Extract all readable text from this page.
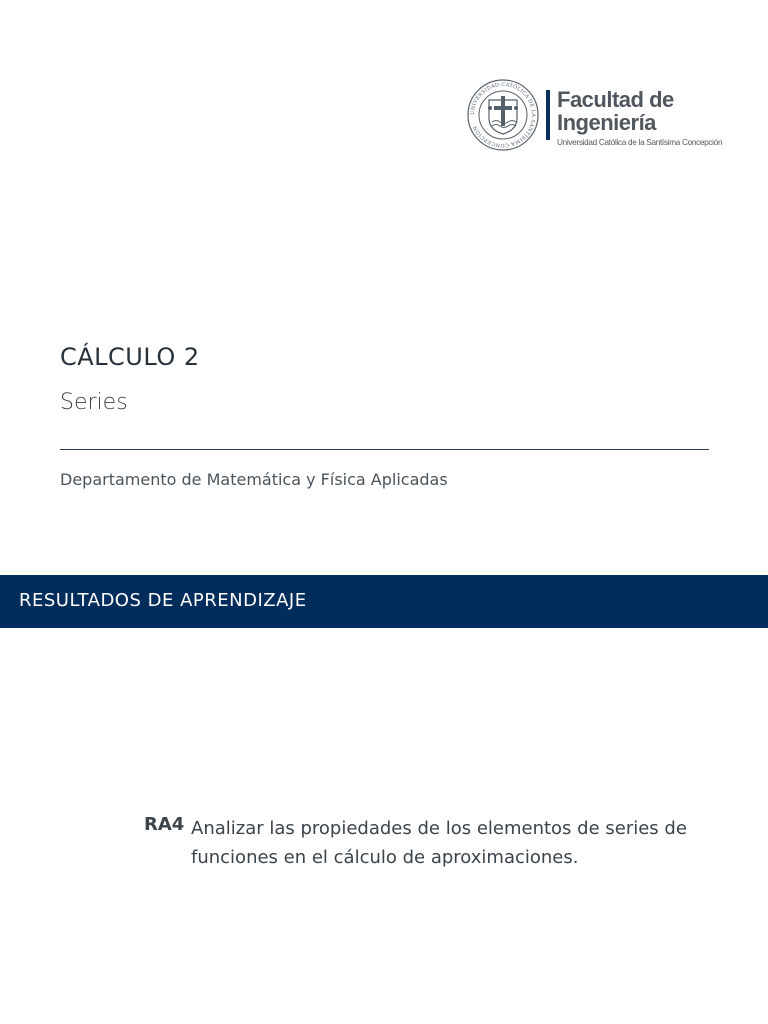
UNIVERSIDAD CATÓLICA DE LA SANTÍSIMA CONCEPCIÓN
Facultad de
Ingeniería
Universidad Católica de la Santísima Concepción
CÁLCULO 2
Series
Departamento de Matemática y Física Aplicadas
RESULTADOS DE APRENDIZAJE
RA4 Analizar las propiedades de los elementos de series de funciones en el cálculo de aproximaciones.
